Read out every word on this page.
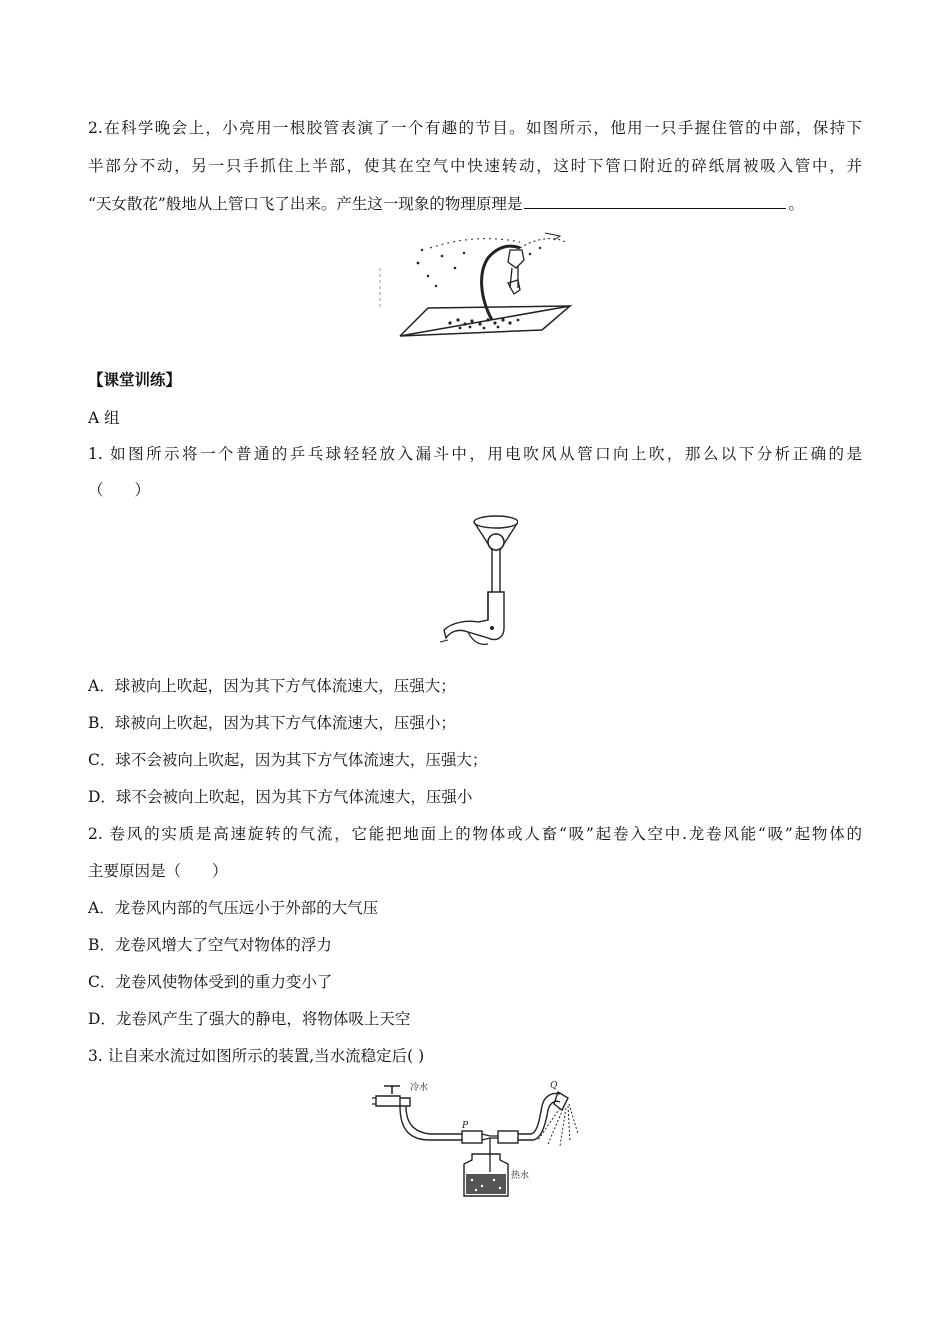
2.在科学晚会上，小亮用一根胶管表演了一个有趣的节目。如图所示，他用一只手握住管的中部，保持下
半部分不动，另一只手抓住上半部，使其在空气中快速转动，这时下管口附近的碎纸屑被吸入管中，并
“天女散花”般地从上管口飞了出来。产生这一现象的物理原理是	。
【课堂训练】
A 组
1. 如图所示将一个普通的乒乓球轻轻放入漏斗中，用电吹风从管口向上吹，那么以下分析正确的是
（　　）
A．球被向上吹起，因为其下方气体流速大，压强大；
B．球被向上吹起，因为其下方气体流速大，压强小；
C．球不会被向上吹起，因为其下方气体流速大，压强大；
D．球不会被向上吹起，因为其下方气体流速大，压强小
2. 卷风的实质是高速旋转的气流，它能把地面上的物体或人畜“吸”起卷入空中.龙卷风能“吸”起物体的
主要原因是（　　）
A．龙卷风内部的气压远小于外部的大气压
B．龙卷风增大了空气对物体的浮力
C．龙卷风使物体受到的重力变小了
D．龙卷风产生了强大的静电，将物体吸上天空
3. 让自来水流过如图所示的装置,当水流稳定后( )
冷水
P
Q
热水
